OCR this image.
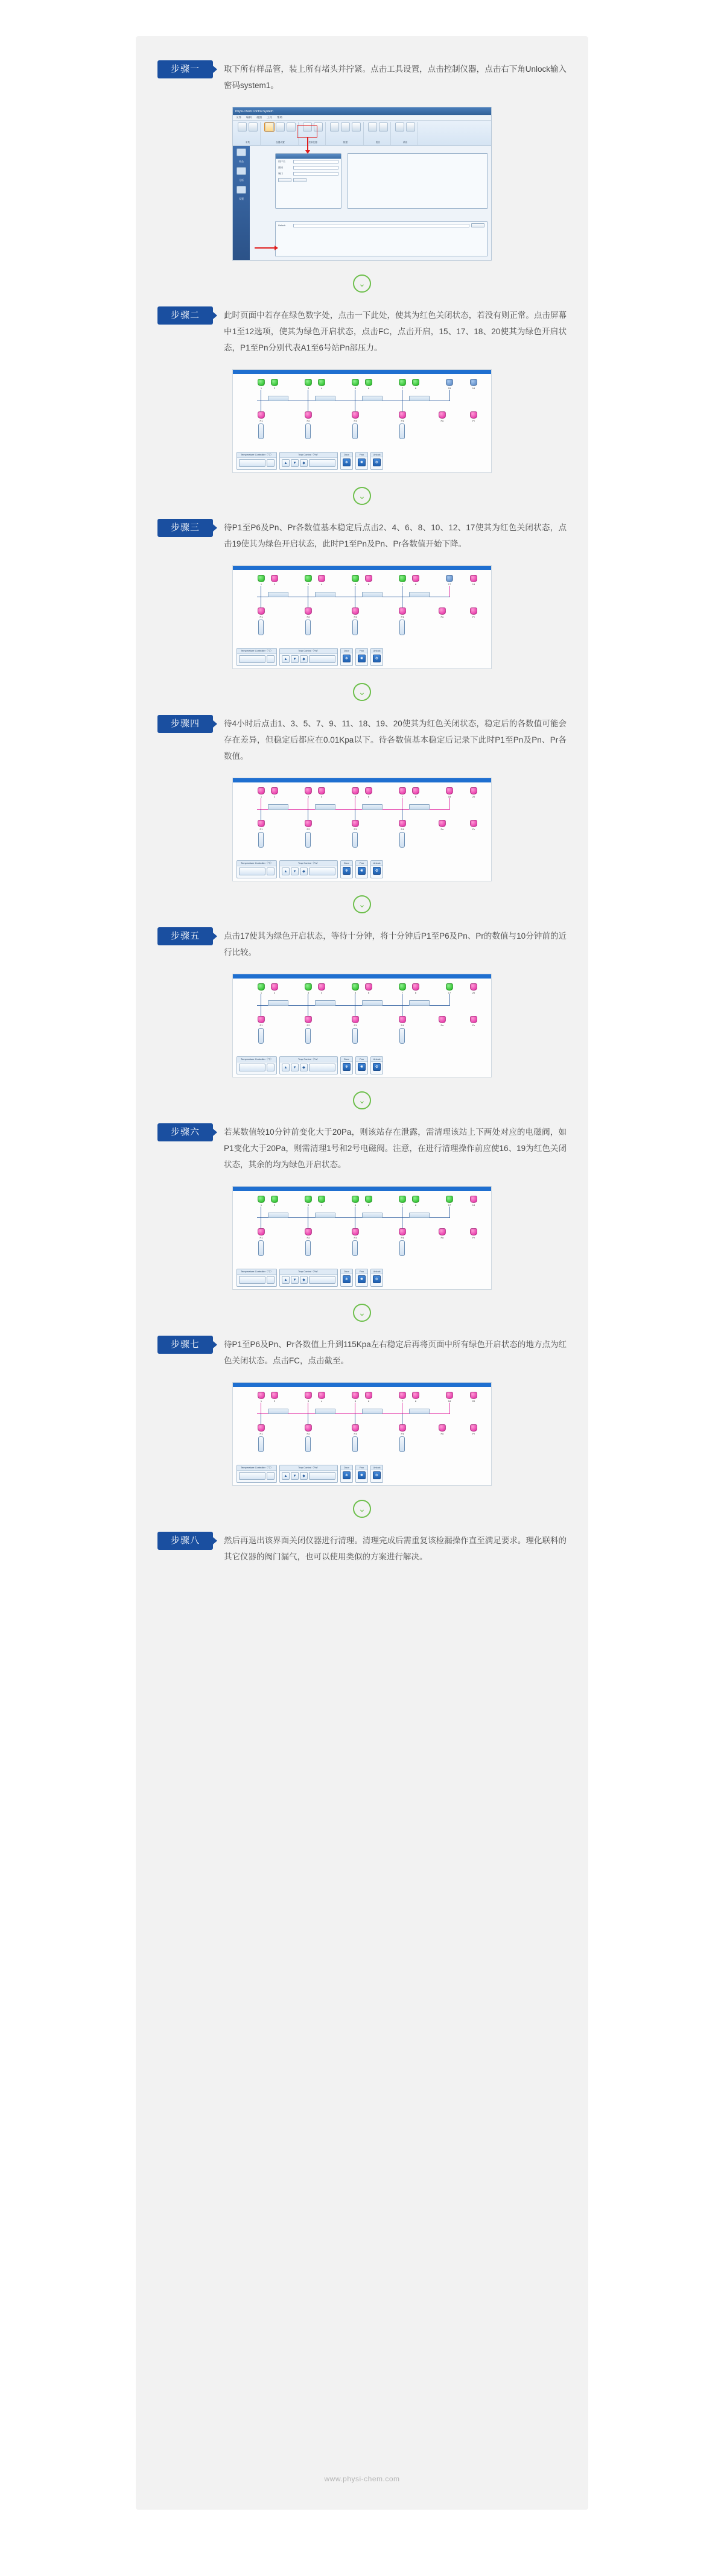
步骤一	取下所有样品管，装上所有堵头并拧紧。点击工具设置，点击控制仪器，点击右下角Unlock输入密码system1。
Physi-Chem Control System
文件 编辑 视图 工具 帮助
采集	仪器设置	控制仪器	数据	报告	系统
样品
分析
设置
用户名
密码
端口
Unlock
⌄
步骤二	此时页面中若存在绿色数字处，点击一下此处，使其为红色关闭状态，若没有则正常。点击屏幕中1至12选项，使其为绿色开启状态，点击FC，点击开启，15、17、18、20使其为绿色开启状态，P1至Pn分别代表A1至6号站Pn部压力。
1	2	3	4	5	6	7	8	15	16
P1	P2	P3	P4	Pn	Pr
Temperature Controller（℃）	Trap Control（Pa）
▲	▼	◆
Door
❄
Fan
✺
Unlock
⚙
⌄
步骤三	待P1至P6及Pn、Pr各数值基本稳定后点击2、4、6、8、10、12、17使其为红色关闭状态，点击19使其为绿色开启状态，此时P1至Pn及Pn、Pr各数值开始下降。
1	2	3	4	5	6	7	8	17	19
P1	P2	P3	P4	Pn	Pr
Temperature Controller（℃）	Trap Control（Pa）
▲	▼	◆
Door
❄
Fan
✺
Unlock
⚙
⌄
步骤四	待4小时后点击1、3、5、7、9、11、18、19、20使其为红色关闭状态，稳定后的各数值可能会存在差异，但稳定后都应在0.01Kpa以下。待各数值基本稳定后记录下此时P1至Pn及Pn、Pr各数值。
1	2	3	4	5	6	7	8	18	20
P1	P2	P3	P4	Pn	Pr
Temperature Controller（℃）	Trap Control（Pa）
▲	▼	◆
Door
❄
Fan
✺
Unlock
⚙
⌄
步骤五	点击17使其为绿色开启状态，等待十分钟，将十分钟后P1至P6及Pn、Pr的数值与10分钟前的近行比较。
1	2	3	4	5	6	7	8	17	20
P1	P2	P3	P4	Pn	Pr
Temperature Controller（℃）	Trap Control（Pa）
▲	▼	◆
Door
❄
Fan
✺
Unlock
⚙
⌄
步骤六	若某数值较10分钟前变化大于20Pa，则该站存在泄露，需清理该站上下两处对应的电磁阀，如P1变化大于20Pa，则需清理1号和2号电磁阀。注意，在进行清理操作前应使16、19为红色关闭状态，其余的均为绿色开启状态。
1	2	3	4	5	6	7	8	17	19
P1	P2	P3	P4	Pn	Pr
Temperature Controller（℃）	Trap Control（Pa）
▲	▼	◆
Door
❄
Fan
✺
Unlock
⚙
⌄
步骤七	待P1至P6及Pn、Pr各数值上升到115Kpa左右稳定后再将页面中所有绿色开启状态的地方点为红色关闭状态。点击FC，点击截至。
1	2	3	4	5	6	7	8	18	20
P1	P2	P3	P4	Pn	Pr
Temperature Controller（℃）	Trap Control（Pa）
▲	▼	◆
Door
❄
Fan
✺
Unlock
⚙
⌄
步骤八	然后再退出该界面关闭仪器进行清理。清理完成后需重复该检漏操作直至满足要求。理化联科的其它仪器的阀门漏气，也可以使用类似的方案进行解决。
www.physi-chem.com
